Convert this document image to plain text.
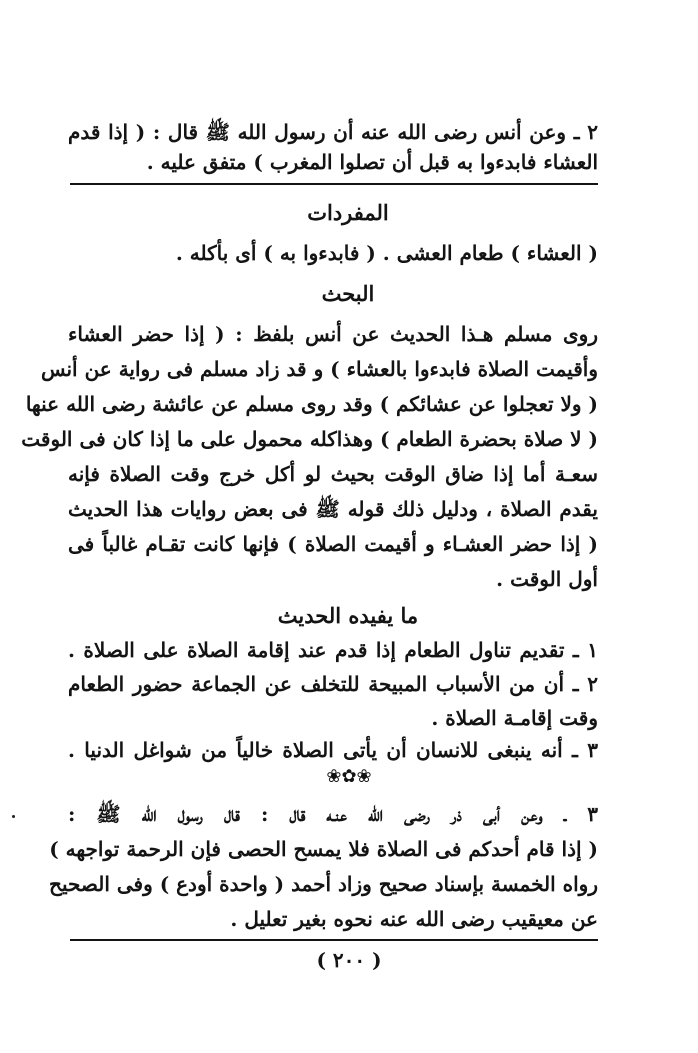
٢ ـ وعن أنس رضى الله عنه أن رسول الله ﷺ قال : ( إذا قدم
العشاء فابدءوا به قبل أن تصلوا المغرب ) متفق عليه .
المفردات
( العشاء ) طعام العشى . ( فابدءوا به ) أى بأكله .
البحث
روى مسلم هـذا الحديث عن أنس بلفظ : ( إذا حضر العشاء
وأقيمت الصلاة فابدءوا بالعشاء ) و قد زاد مسلم فى رواية عن أنس
( ولا تعجلوا عن عشائكم ) وقد روى مسلم عن عائشة رضى الله عنها
( لا صلاة بحضرة الطعام ) وهذاكله محمول على ما إذا كان فى الوقت
سعـة أما إذا ضاق الوقت بحيث لو أكل خرج وقت الصلاة فإنه
يقدم الصلاة ، ودليل ذلك قوله ﷺ فى بعض روايات هذا الحديث
( إذا حضر العشـاء و أقيمت الصلاة ) فإنها كانت تقـام غالباً فى
أول الوقت .
ما يفيده الحديث
١ ـ تقديم تناول الطعام إذا قدم عند إقامة الصلاة على الصلاة .
٢ ـ أن من الأسباب المبيحة للتخلف عن الجماعة حضور الطعام
وقت إقامـة الصلاة .
٣ ـ أنه ينبغى للانسان أن يأتى الصلاة خالياً من شواغل الدنيا .
❀✿❀
٣ ـ وعن أبى ذر رضى الله عنـه قال : قال رسول الله ﷺ :
( إذا قام أحدكم فى الصلاة فلا يمسح الحصى فإن الرحمة تواجهه )
رواه الخمسة بإسناد صحيح وزاد أحمد ( واحدة أودع ) وفى الصحيح
عن معيقيب رضى الله عنه نحوه بغير تعليل .
( ٢٠٠ )
